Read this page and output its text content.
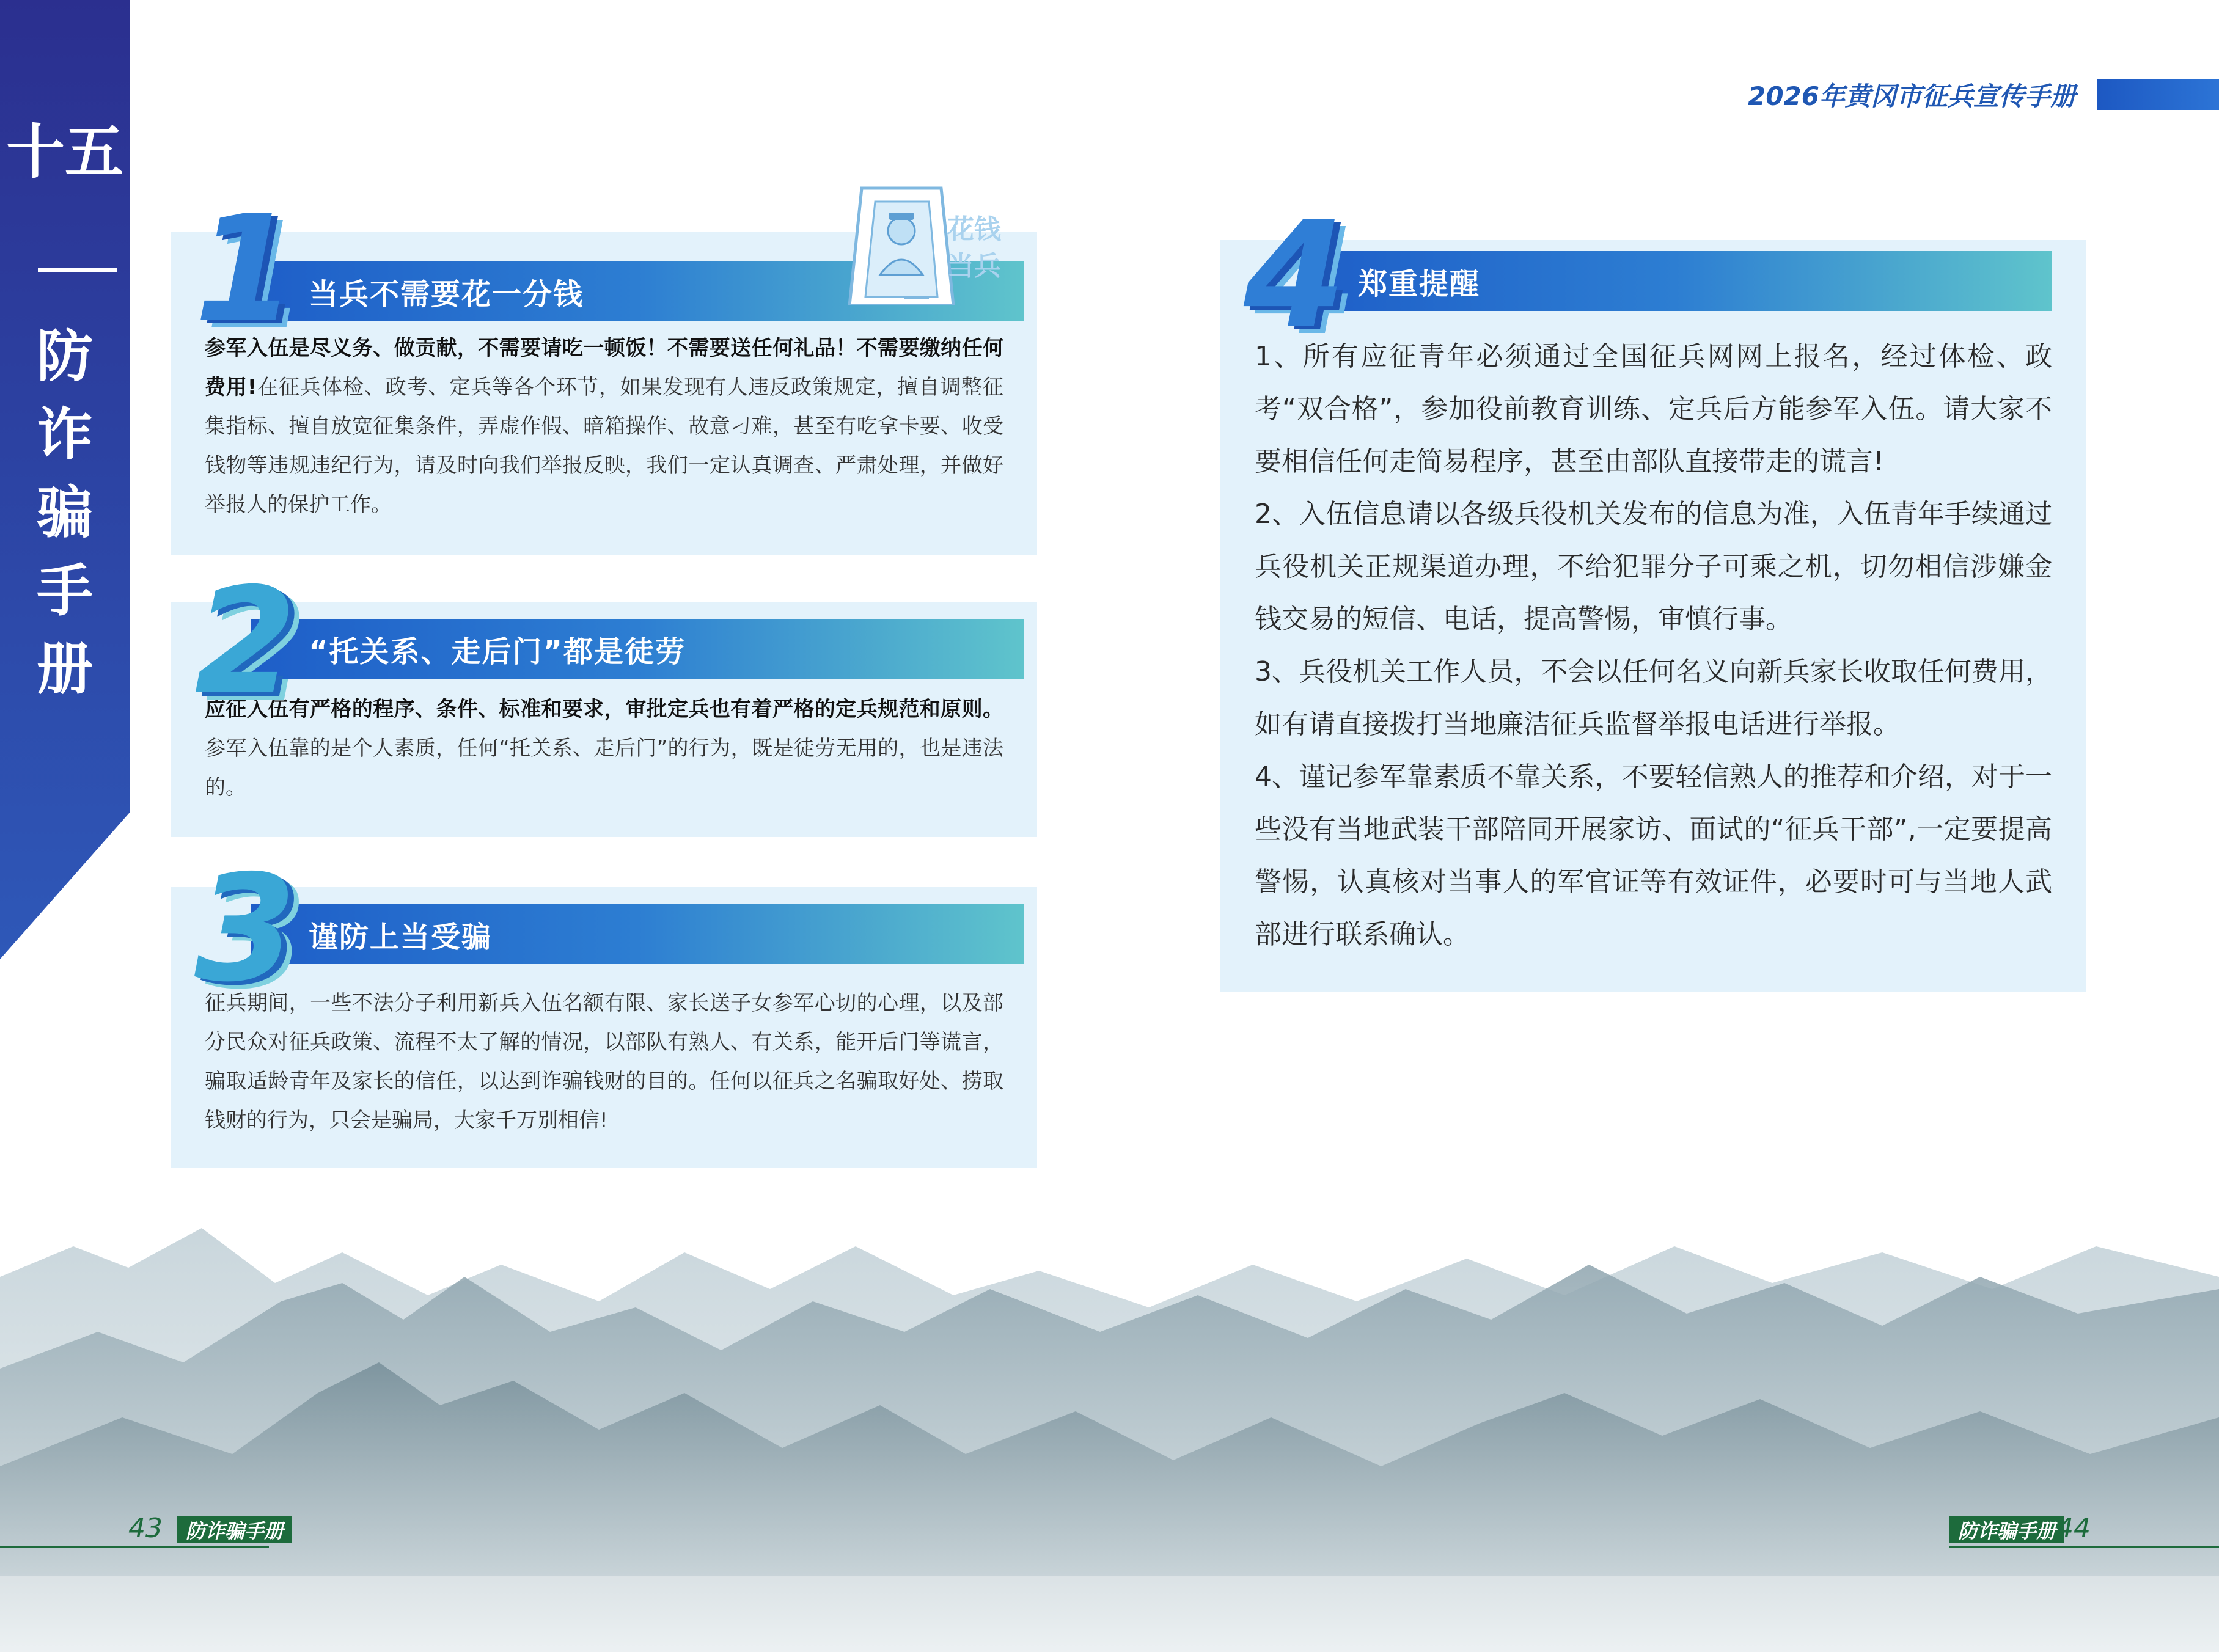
十五
防
诈
骗
手
册
2026年黄冈市征兵宣传手册
当兵不需要花一分钱
参军入伍是尽义务、做贡献，不需要请吃一顿饭！不需要送任何礼品！不需要缴纳任何费用!在征兵体检、政考、定兵等各个环节，如果发现有人违反政策规定，擅自调整征集指标、擅自放宽征集条件，弄虚作假、暗箱操作、故意刁难，甚至有吃拿卡要、收受钱物等违规违纪行为，请及时向我们举报反映，我们一定认真调查、严肃处理，并做好举报人的保护工作。
1	花钱
当兵
“托关系、走后门”都是徒劳
应征入伍有严格的程序、条件、标准和要求，审批定兵也有着严格的定兵规范和原则。参军入伍靠的是个人素质，任何“托关系、走后门”的行为，既是徒劳无用的，也是违法的。
2
谨防上当受骗
征兵期间，一些不法分子利用新兵入伍名额有限、家长送子女参军心切的心理，以及部分民众对征兵政策、流程不太了解的情况，以部队有熟人、有关系，能开后门等谎言，骗取适龄青年及家长的信任，以达到诈骗钱财的目的。任何以征兵之名骗取好处、捞取钱财的行为，只会是骗局，大家千万别相信!
3
郑重提醒

1、所有应征青年必须通过全国征兵网网上报名，经过体检、政考“双合格”，参加役前教育训练、定兵后方能参军入伍。请大家不要相信任何走简易程序，甚至由部队直接带走的谎言!

2、入伍信息请以各级兵役机关发布的信息为准，入伍青年手续通过兵役机关正规渠道办理，不给犯罪分子可乘之机，切勿相信涉嫌金钱交易的短信、电话，提高警惕，审慎行事。

3、兵役机关工作人员，不会以任何名义向新兵家长收取任何费用，如有请直接拨打当地廉洁征兵监督举报电话进行举报。

4、谨记参军靠素质不靠关系，不要轻信熟人的推荐和介绍，对于一些没有当地武装干部陪同开展家访、面试的“征兵干部”,一定要提高警惕，认真核对当事人的军官证等有效证件，必要时可与当地人武部进行联系确认。

4
43	防诈骗手册	防诈骗手册 44
